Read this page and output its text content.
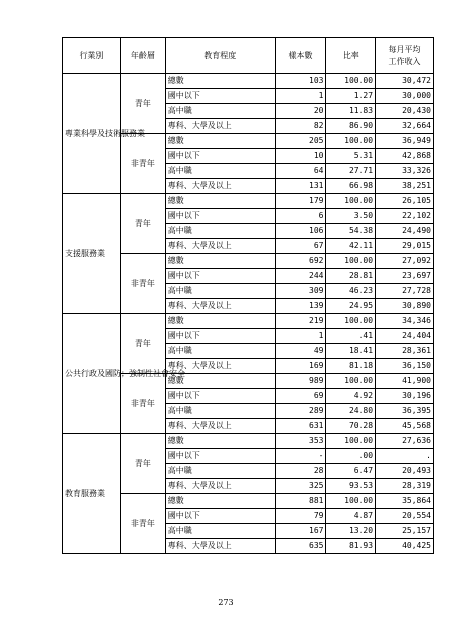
行業別	年齡層	教育程度	樣本數	比率	每月平均
工作收入
專業科學及技術服務業	青年	總數	103	100.00	30,472
		國中以下	1	1.27	30,000
		高中職	20	11.83	20,430
		專科、大學及以上	82	86.90	32,664
	非青年	總數	205	100.00	36,949
		國中以下	10	5.31	42,868
		高中職	64	27.71	33,326
		專科、大學及以上	131	66.98	38,251
支援服務業	青年	總數	179	100.00	26,105
		國中以下	6	3.50	22,102
		高中職	106	54.38	24,490
		專科、大學及以上	67	42.11	29,015
	非青年	總數	692	100.00	27,092
		國中以下	244	28.81	23,697
		高中職	309	46.23	27,728
		專科、大學及以上	139	24.95	30,890
公共行政及國防；強制性社會安全	青年	總數	219	100.00	34,346
		國中以下	1	.41	24,404
		高中職	49	18.41	28,361
		專科、大學及以上	169	81.18	36,150
	非青年	總數	989	100.00	41,900
		國中以下	69	4.92	30,196
		高中職	289	24.80	36,395
		專科、大學及以上	631	70.28	45,568
教育服務業	青年	總數	353	100.00	27,636
		國中以下	-	.00	.
		高中職	28	6.47	20,493
		專科、大學及以上	325	93.53	28,319
	非青年	總數	881	100.00	35,864
		國中以下	79	4.87	20,554
		高中職	167	13.20	25,157
		專科、大學及以上	635	81.93	40,425
273
